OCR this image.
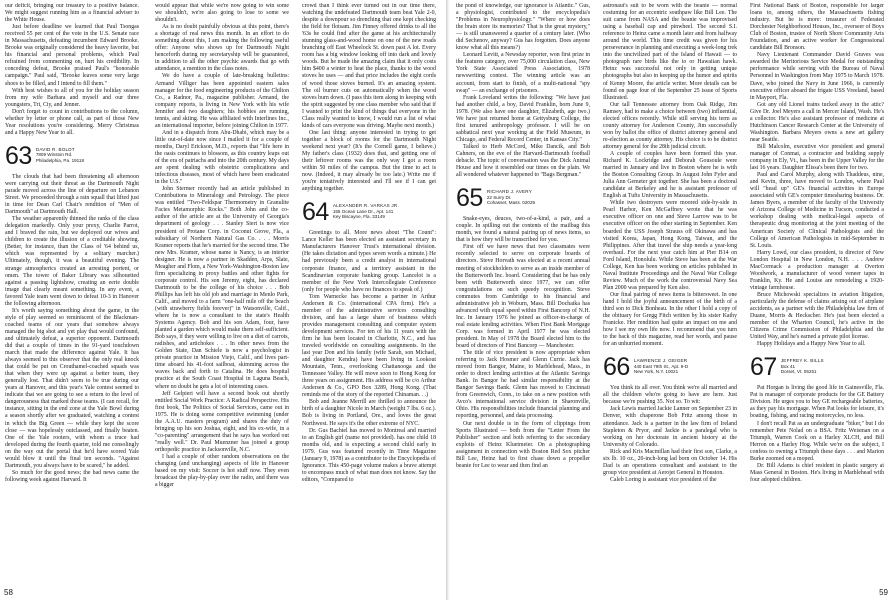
our deficit, bringing our treasury to a positive balance. We might suggest running him as a financial adviser to the White House.

Just before deadline we learned that Paul Tsongas received 55 per cent of the vote in the U.S. Senate race in Massachusetts, defeating incumbent Edward Brooke. Brooke was originally considered the heavy favorite, but his financial and personal problems, which Paul refrained from commenting on, hurt his credibility. In conceding defeat, Brooke praised Paul's "honorable campaign." Paul said, "Brooke leaves some very large shoes to be filled, and I intend to fill them."

With best wishes to all of you for the holiday season from my wife Barbara and myself and our three youngsters, Tri, Ciy, and Jenner.

Don't forget to count in contributions to the column, whether by letter or phone call, as part of those New Year resolutions you're considering. Merry Christmas and a Happy New Year to all.

63 DAVID R. BOLDT
7809 Winston Rd.
Philadelphia, Pa. 19118

The clouds that had been threatening all afternoon were carrying out their threat as the Dartmouth Night parade moved across the line of departure on Lebanon Street. We proceeded through a rain squall that lifted just in time for Dean Carl Chair's rendition of "Men of Dartmouth" at Dartmouth Hall.

The weather apparently thinned the ranks of the class delegation markedly. Only your prexy, Charlie Parrot, and I braved the rain, but we deployed our wives and children to create the illusion of a creditable showing. (Better, for instance, than the Class of '64 behind us, which was represented by a solitary marcher.) Ultimately, though, it was a beautiful evening. The strange atmospherics created an arresting portent, or omen. The tower of Baker Library was silhouetted against a passing lightshow, creating an eerie double image that clearly meant something. In any event, a favored Yale team went down to defeat 10-3 in Hanover the following afternoon.

It's worth saying something about the game, in the style of play seemed so reminiscent of the Blackman-coached teams of our years that somehow always managed the big shot and yet play that would confound, and ultimately defeat, a superior opponent. Dartmouth did that a couple of times in the 91-yard touchdown march that made the difference against Yale. It has always seemed to this observer that the only real knock that could be put on Crouthamel-coached squads was that when they were up against a better team, they generally lost. That didn't seem to be true during our years at Hanover, and this year's Yale contest seemed to indicate that we are going to see a return to the level of dangerousness that marked those teams. (I can recall, for instance, sitting in the end zone at the Yale Bowl during a season shortly after we graduated, watching a contest in which the Big Green — while they kept the score close — was hopelessly outclassed, and finally beaten. One of the Yale rooters, with whom a truce had developed during the fourth quarter, told me consolingly on the way out the portal that he'd have scored Yale would blow it until the final ten seconds. "Against Dartmouth, you always have to be scared," he added.

So much for the good news; the bad news came the following week against Harvard. It

would appear that while we're now going to win some we shouldn't, we're also going to lose to some we shouldn't.

As is no doubt painfully obvious at this point, there's a shortage of real news this month. In an effort to do something about this, I am making the following useful offer: Anyone who shows up for Dartmouth Night henceforth during my secretaryship will be guaranteed, in addition to all the other psychic awards that go with attendance, a mention in the class notes.

We do have a couple of late-breaking bulletins: Armand Villiger has been appointed eastern sales manager for the food engineering products of the Chilton Co., a Radnor, Pa., magazine publisher. Armand, the company reports, is living in New York with his wife Jennifer and two daughters; his hobbies are running, tennis, and skiing. He was affiliated with Interlines Inc., an international importer, before joining Chilton in 1977.

And in a dispatch from Abu-Dhabi, which may be a little out-of-date now since I mailed it for a couple of months, Daryl Erickson, M.D., reports that "life here in the oasis continues to blossom, as this country leaps out of the era of patriachs and into the 20th century. My days are spent dealing with obstetric complications and infectious diseases, most of which have been eradicated in the U.S."

John Stermer recently had an article published in Contributions to Mineralogy and Petrology. The piece was entitled "Two-Feldspar Thermometry in Granulite Facies Metamorphic Rocks." Both John and the co-author of the article are at the University of Georgia's department of geology . . . Stanley Siert is now vice president of Protane Corp. in Coconut Grove, Fla., a subsidiary of Northern Natural Gas Co. . . . Morris Kramer reports that he's married for the second time. The new Mrs. Kramer, whose name is Nancy, is an interior designer. He is now a partner in Skadden, Arps, Slate, Meagher and Flom, a New York-Washington-Boston law firm specializing in proxy battles and other fights for corporate control. His son Jeremy, eight, has declared Dartmouth to be the college of his choice . . . Bob Phillips has left his old job and marriage in Menlo Park, Calif., and moved to a farm "one-half mile off the beach (with strawberry fields forever)" in Watsonville, Calif., where he is now a consultant to the state's Health Systems Agency. Bob and his son Adam, four, have planted a garden which would make them self-sufficient. Bob says, if they were willing to live on a diet of carrots, radishes, and artichokes . . . In other news from the Golden State, Dan Schiele is now a psychologist in private practice in Mission Viejo, Calif., and lives part-time aboard his 41-foot sailboat, skimming across the waves back and forth to Catalina. He does hospital practice at the South Coast Hospital in Laguna Beach, where no doubt he gets a lot of interesting cases.

Jeff Gelpieri will have a second book out shortly entitled Social Work Practice: A Radical Perspective. His first book, The Politics of Social Services, came out in 1975. He is doing some competitive swimming (under the A.A.U. masters program) and shares the duty of bringing up his son Joshua, eight, and his ex-wife, in a "co-parenting" arrangement that he says has worked out "really well." Dr. Paul Muenzner has joined a group orthopedic practice in Jacksonville, N.C.

I had a couple of other random observations on the changing (and unchanging) aspects of life in Hanover based on my visit: Soccer is hot stuff now. They even broadcast the play-by-play over the radio, and there was a bigger

crowd than I think ever turned out in our time there, watching the undefeated Dartmouth team beat Yale 2-0, despite a downpour so drenching that one kept checking the field for flotsam. Jim Finney offered drinks to all the '63s he could find after the game at his architecturally stunning glass-and-wood home on one of the new roads branching off East Wheelock St. down past A lot. Every room has a big window looking off into dark and lovely woods. But he made the amazing claim that it only costs him $400 a winter to heat the place, thanks to the wood stoves he uses — and that price includes the eight cords of wood those stoves burned. It's an amazing system. The oil burner cuts on automatically when the wood stoves burn down. (I pass this item along in keeping with the spirit suggested by one class member who said that if I wanted to print the kind of things that everyone in the Class really wanted to know, I would run a list of what kinds of cars everyone was driving. Maybe next month.)

One last thing: anyone interested in trying to get together a block of rooms for the Dartmouth Night weekend next year? (It's the Cornell game, I believe.) My father's class (1932) does that, and getting one of their leftover rooms was the only way I got a room within 50 miles of the campus. But the time to act is now. (Indeed, it may already be too late.) Write me if you're tentatively interested and I'll see if I can get anything together.

64 ALEXANDER R. VARKAS JR.
155 Ocean Lane Dr., Apt. 141
Key Biscayne, Fla. 33149

Greetings to all. More news about "The Count": Lance Keller has been elected an assistant secretary in Manufacturers Hanover Trust's international division. (He takes dictation and types seven words a minute.) He had previously been a credit analyst in international corporate finance, and a territory assistant in the Scandinavian corporate banking group. Lancelot is a member of the New York Intercollegiate Conference (only for people who have no finances to speak of.)

Tom Warnecke has become a partner in Arthur Andersen & Co. (international CPA firm). He's a member of the administrative services consulting division, and has a large share of business which provides management consulting and computer system development services. For ten of his 11 years with the firm he has been located in Charlotte, N.C., and has traveled worldwide on consulting assignments. In the last year Don and his family (wife Sarah, son Michael, and daughter Kendra) have been living in Lookout Mountain, Tenn., overlooking Chattanooga and the Tennessee Valley. He will move soon to Hong Kong for three years on assignment. His address will be c/o Arthur Andersen & Co., GPO Box 3289, Hong Kong. (That reminds me of the story of the reported Chinaman. . .)

Bob and Jeanne Merrill are thrilled to announce the birth of a daughter Nicole in March (weight 7 lbs. 6 oz.). Bob is living in Portland, Ore., and loves the great Northwest. He says it's the other extreme of NYC.

Dr. Gus Bachtel has moved to Montreal and married to an English girl (name not provided). has one child 18 months old, and is expecting a second child early in 1979. Gus was featured recently in Time Magazine (January 9, 1978) as a contributor to the Encyclopedia of Ignorance. This 450-page volume makes a brave attempt to encompass much of what man does not know. Say the editors, "Compared to

58

the pond of knowledge, our ignorance is Atlantic." Gus, a physiologist, contributed to the encyclopedia's "Problems in Neurophysiology." "Where or how does the brain store its memories? That is the great mystery," — is still unanswered a quarter of a century later. (Who did Sechenov, anyway? Gus has forgotten. Does anyone know what all this means?)

Leonard Levitt, a Newsday reporter, won first prize in the features category, over 75,000 circulation class, New York State Associated Press Association, 1978 newswriting contest. The winning article was an account, from start to finish, of a multi-national "spy swap" — an exchange of prisoners.

Frank Loveland writes the following: "We have just had another child, a boy, David Franklin, born June 9, 1978. (We also have one daughter, Elizabeth, age two.) We have just returned home at Gettysburg College, the first tenured anthropology professor. I will be on sabbatical next year working at the Field Museum, in Chicago, and Federal Record Center, in Kansas City."

Talked to Herb McCord, Mike Dancik, and Bob Cahners, on the eve of the Harvard-Dartmouth football debacle. The topic of conversation was the Dick Animal House and how it resembled our times on the plain. We all wondered whatever happened to "Bags Bergman."

65 RICHARD J. AVERY
22 Surry Dr.
Cohasset, Mass. 02025

Snake-eyes, deuces, two-of-a-kind, a pair, and a couple. In spilling out the contents of the mailbag this month, we found a natural pairing up of news items, so that is how they will be transcribed for you.

First off we have news that two classmates were recently selected to serve on corporate boards of directors. Steve Horvath was elected at a recent annual meeting of stockholders to serve as an inside member of the Butterworth Inc. board. Considering that he has only been with Butterworth since 1977, we can offer congratulations on such speedy recognition. Steve commutes from Cambridge to his financial and administrative job in Woburn, Mass. Bill Dochatka has advanced with equal speed within First Bancorp of N.H. Inc. In January 1976 he joined as officer-in-charge of real estate lending activities. When First Bank Mortgage Corp. was formed in April 1977 he was elected president. In May of 1978 the Board elected him to the board of directors of First Bancorp — Manchester.

The title of vice president is now appropriate when referring to Jack Hosmer and Glenn Currie. Jack has moved from Bangor, Maine, to Marblehead, Mass., in order to direct lending activities at the Atlantic Savings Bank. In Bangor he had similar responsibility at the Bangor Savings Bank. Glenn has moved to Cincinnati from Greenwich, Conn., to take on a new position with Avco's international service division in Sharonville, Ohio. His responsibilities include financial planning and reporting, personnel, and data processing.

Our next double is in the form of clippings from Sports Illustrated — both from the "Letter From the Publisher" section and both referring to the secondary exploits of Heinz Kluetmeier. On a photographing assignment in connection with Boston Red Sox pitcher Bill Lee, Heinz had to first chase down a propeller beanie for Lee to wear and then find an

astronaut's suit to be worn with the beanie — normal costuming for an eccentric southpaw like Bill Lee. The suit came from NASA and the beanie was improvised using a baseball cap and pinwheel. The second S.I. reference to Heinz came a month later and from halfway around the world. This time credit was given for his perseverance in planning and executing a week-long trek into the uncivilized part of the Island of Hawaii — to photograph rare birds like the io or Hawaiian hawk. Heinz was successful not only in getting unique photographs but also in keeping up the humor and spirits of Kenny Moore, the article writer. More details can be found on page four of the September 25 issue of Sports Illustrated.

Our tall Tennessee attorney from Oak Ridge, Jim Ramsey, had to make a choice between (two) influential, elected offices recently. While still serving his term as county attorney for Anderson County, Jim successfully won by ballot the office of district attorney general and re-election as county attorney. His choice is to be district attorney general for the 28th judicial circuit.

A couple of couples have been formed this year. Richard K. Lockridge and Deborah Gousoule were married in January and live in Boston where he is with the Boston Consulting Group. In August John Fyfer and Julia Ann Gemeter got together. She has been a doctoral candidate at Berkeley and he is assistant professor of English at Tufts University in Massachusetts.

While two destroyers were moored side-by-side in Pearl Harbor, Ken McGaffney wrote that he was executive officer on one and Steve Larrow was to be executive officer on the other starting in September. Ken boarded the USS Joseph Strauss off Okinawa and has visited Korea, Japan, Hong Kong, Taiwan, and the Philippines. After that travel the ship needs a year-long overhaul. For the next year catch him at Pier B14 on Ford Island, Honolulu. While Steve has been at the War College, Ken has been working on articles published in Naval Institute Proceedings and the Naval War College Review. Much of the work the controversial Navy Sea Plan 2000 was prepared by Ken also.

Our final pairing of news items is bittersweet. In one hand I hold the joyful announcement of the birth of a third son to Dick Bonheau. In the other I hold a copy of the obituary for Gregg Fitch written by his sister Kathy Franicke. Her rendition had quite an impact on me and how I see my own life now. I recommend that you turn to the back of this magazine, read her words, and pause for an unhurried moment.

66 LAWRENCE J. GEIGER
440 East 79th St., Apt. 9-D
New York, N.Y. 10021

You think its all over. You think we're all married and all the children who're going to have are here. Just because we're pushing 35. Not so. To wit:

Jack Lewis married Jackie Lanner on September 23 in Denver, with chaperone Bob Fritz among those in attendance. Jack is a partner in the law firm of Ireland Stapleton & Pryor, and Jackie is a paralegal who is working on her doctorate in ancient history at the University of Colorado.

Rick and Kris Macmillan had their first son, Clarke, a six lb. 10 oz., 20-inch-long lad born on October 14. His Dad is an operations consultant and assistant to the group vice president at Aerojet General in Houston.

Caleb Loring is assistant vice president of the

First National Bank of Boston, responsible for larger loans to, among others, the Massachusetts fishing industry. But he is more: treasurer of Federated Dorchester Neighborhood Houses, Inc., overseer of Boys Club of Boston, trustee of North Shore Community Arts Foundation, and an active worker for Congressional candidate Bill Bronson.

Navy Lieutenant Commander David Graves was awarded the Meritorious Service Medal for outstanding performance while serving with the Bureau of Naval Personnel in Washington from May 1975 to March 1978. Dave, who joined the Navy in June 1966, is currently executive officer aboard the frigate USS Vreeland, based in Mayport, Fla.

Got any old Lionel trains tucked away in the attic? Give Dr. Joel Meyers a call in Mercer Island, Wash. He's a collector. He's also assistant professor of medicine at Hutchinson Cancer Research Center at the University of Washington. Barbara Meyers owns a new art gallery near Seattle.

Bill Malcolm, executive vice president and general manager of Conmat, a contractor and building supply company in Ely, Vt., has been in the Upper Valley for the last 16 years. Daughter Elissa's been there for two.

Paul and Carol Murphy, along with Thaddeus, nine, and Kevin, three, have moved to London, where Paul will "head up" GE's financial activities in Europe associated with GE's computer timesharing business. Dr. James Byers, a member of the faculty of the University of Arizona College of Medicine in Tucson, conducted a workshop dealing with medical-legal aspects of therapeutic drug monitoring at the joint meeting of the American Society of Clinical Pathologists and the College of American Pathologists in mid-September in St. Louis.

Harry Lowd, our class president, is director of New London Hospital in New London, N.H. . . . Andrew MacCormack a production manager at Overton Woodwork, a manufacturer of wood veneer tapes in Franklin, Ky. He and Louise are remodeling a 1920-vintage farmhouse.

Bruce Michowski specializes in aviation litigation, particularly the defense of claims arising out of airplane accidents, as a partner with the Philadelphia law firm of Duane, Morris & Heckscher. He's just been elected a member of the Wharton Council, he's active in the Citizens Crime Commission of Philadelphia and the United Way, and he's earned a private pilot license.

Happy Holidays and a Happy New Year to all.

67 JEFFREY K. BILLS
Box 41
Dorset, Vt. 05251

Pat Horgan is living the good life in Gainesville, Fla. Pat is manager of corporate products for the GE Battery Division. He urges you to buy GE rechargeable batteries, as they pay his mortgage. When Pat looks for leisure, it's boating, fishing, and racing motorcycles, no less.

I don't recall Pat as an undergraduate "biker," but I do remember Pete Nolad on a BSA. Fritz Weisman on a Triumph, Warren Cook on a Harley XLCH, and Bill Herron on a Harley Hog. While we're on the subject, I confess to owning a Triumph these days . . . and Marion Burke zoomed on a moped.

Dr. Bill Adams is chief resident in plastic surgery at Mass General in Boston. He's living in Marblehead with four adopted children.

59
